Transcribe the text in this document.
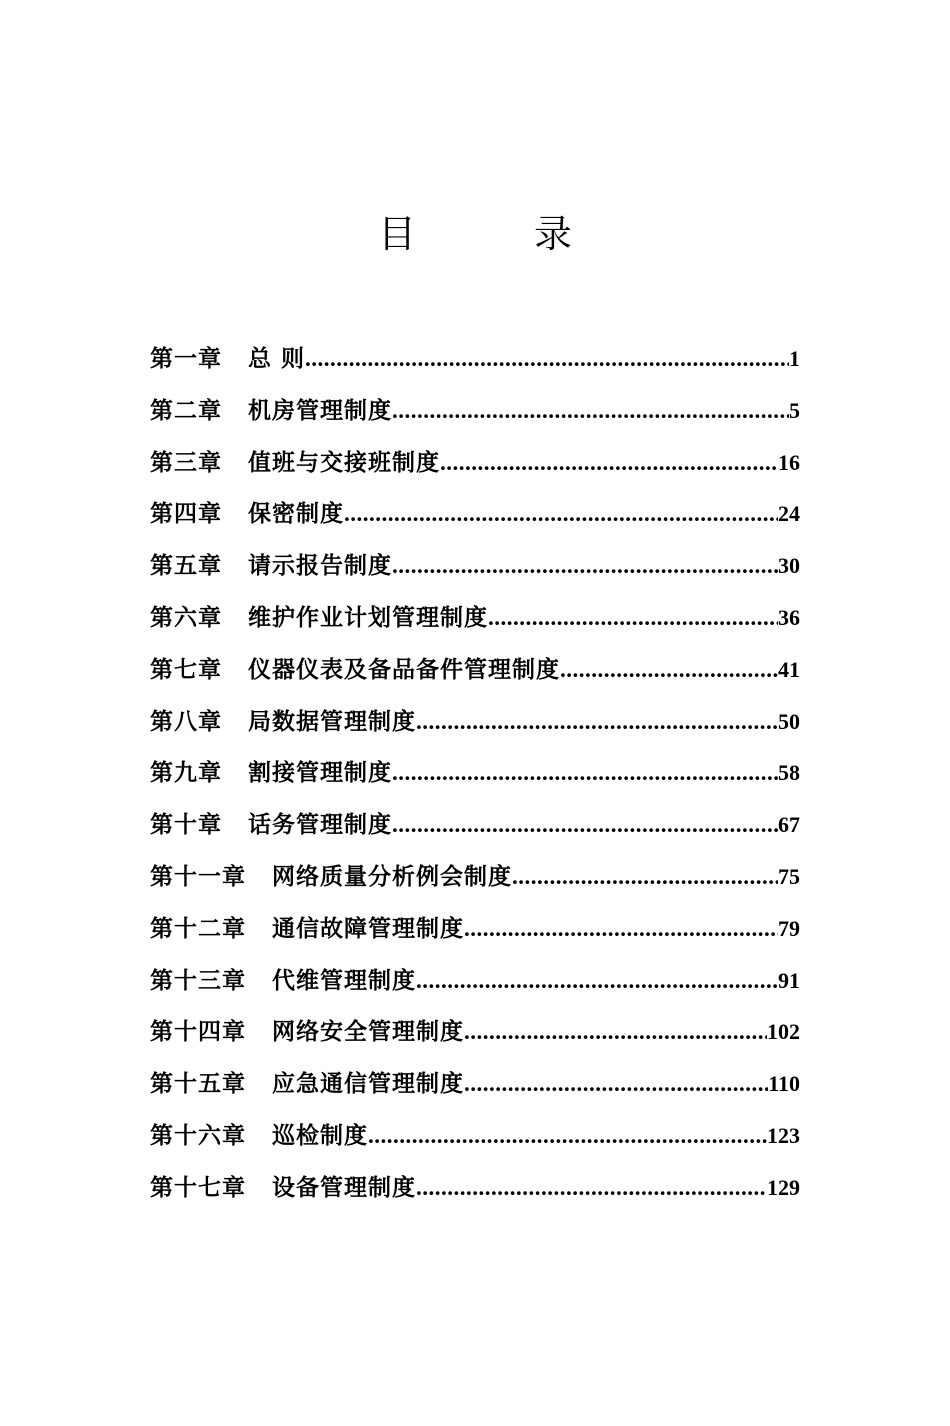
目　录
第一章 总 则 .....	1
第二章 机房管理制度 .....	5
第三章 值班与交接班制度 .....	16
第四章 保密制度 .....	24
第五章 请示报告制度 .....	30
第六章 维护作业计划管理制度 .....	36
第七章 仪器仪表及备品备件管理制度 .....	41
第八章 局数据管理制度 .....	50
第九章 割接管理制度 .....	58
第十章 话务管理制度 .....	67
第十一章 网络质量分析例会制度 .....	75
第十二章 通信故障管理制度 .....	79
第十三章 代维管理制度 .....	91
第十四章 网络安全管理制度 .....	102
第十五章 应急通信管理制度 .....	110
第十六章 巡检制度 .....	123
第十七章 设备管理制度 .....	129
